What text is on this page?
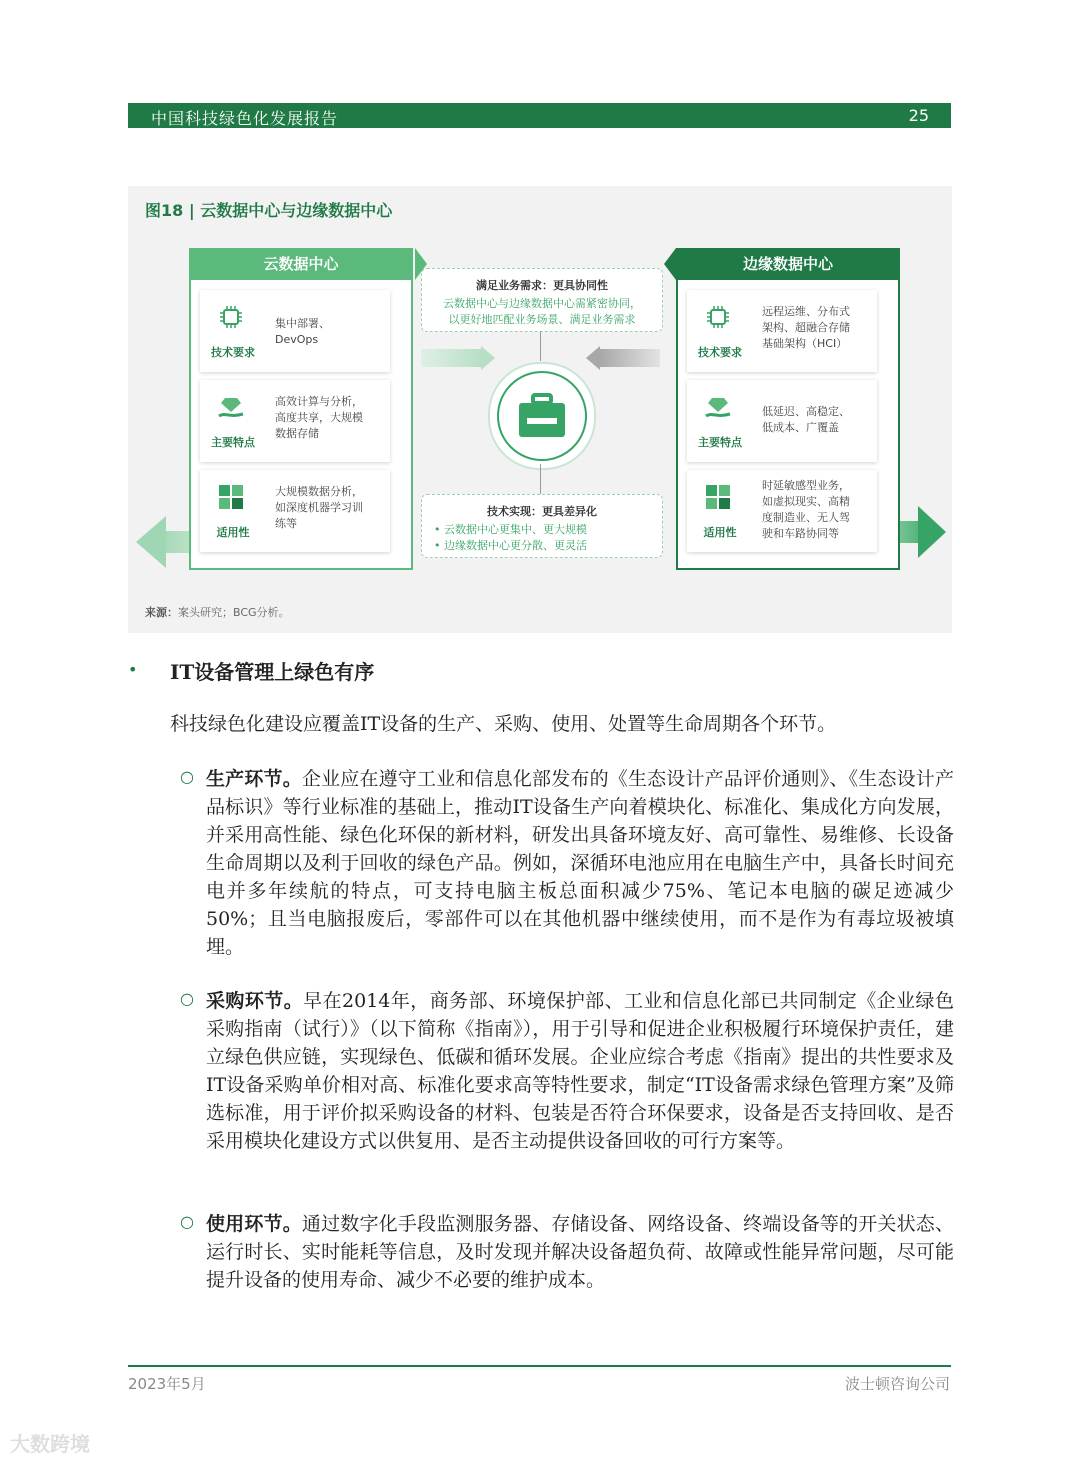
中国科技绿色化发展报告	25
图18 | 云数据中心与边缘数据中心
云数据中心
技术要求
集中部署、
DevOps
主要特点
高效计算与分析，
高度共享，大规模
数据存储
适用性
大规模数据分析，
如深度机器学习训
练等
满足业务需求：更具协同性
云数据中心与边缘数据中心需紧密协同，
以更好地匹配业务场景、满足业务需求
技术实现：更具差异化
• 云数据中心更集中、更大规模
• 边缘数据中心更分散、更灵活
边缘数据中心
技术要求
远程运维、分布式
架构、超融合存储
基础架构（HCI）
主要特点
低延迟、高稳定、
低成本、广覆盖
适用性
时延敏感型业务，
如虚拟现实、高精
度制造业、无人驾
驶和车路协同等
来源：案头研究；BCG分析。
• IT设备管理上绿色有序
科技绿色化建设应覆盖IT设备的生产、采购、使用、处置等生命周期各个环节。
○ 生产环节。企业应在遵守工业和信息化部发布的《生态设计产品评价通则》、《生态设计产品标识》等行业标准的基础上，推动IT设备生产向着模块化、标准化、集成化方向发展，并采用高性能、绿色化环保的新材料，研发出具备环境友好、高可靠性、易维修、长设备生命周期以及利于回收的绿色产品。例如，深循环电池应用在电脑生产中，具备长时间充电并多年续航的特点，可支持电脑主板总面积减少75%、笔记本电脑的碳足迹减少50%；且当电脑报废后，零部件可以在其他机器中继续使用，而不是作为有毒垃圾被填埋。
○ 采购环节。早在2014年，商务部、环境保护部、工业和信息化部已共同制定《企业绿色采购指南（试行）》（以下简称《指南》），用于引导和促进企业积极履行环境保护责任，建立绿色供应链，实现绿色、低碳和循环发展。企业应综合考虑《指南》提出的共性要求及IT设备采购单价相对高、标准化要求高等特性要求，制定“IT设备需求绿色管理方案”及筛选标准，用于评价拟采购设备的材料、包装是否符合环保要求，设备是否支持回收、是否采用模块化建设方式以供复用、是否主动提供设备回收的可行方案等。
○ 使用环节。通过数字化手段监测服务器、存储设备、网络设备、终端设备等的开关状态、运行时长、实时能耗等信息，及时发现并解决设备超负荷、故障或性能异常问题，尽可能提升设备的使用寿命、减少不必要的维护成本。
2023年5月	波士顿咨询公司
大数跨境
